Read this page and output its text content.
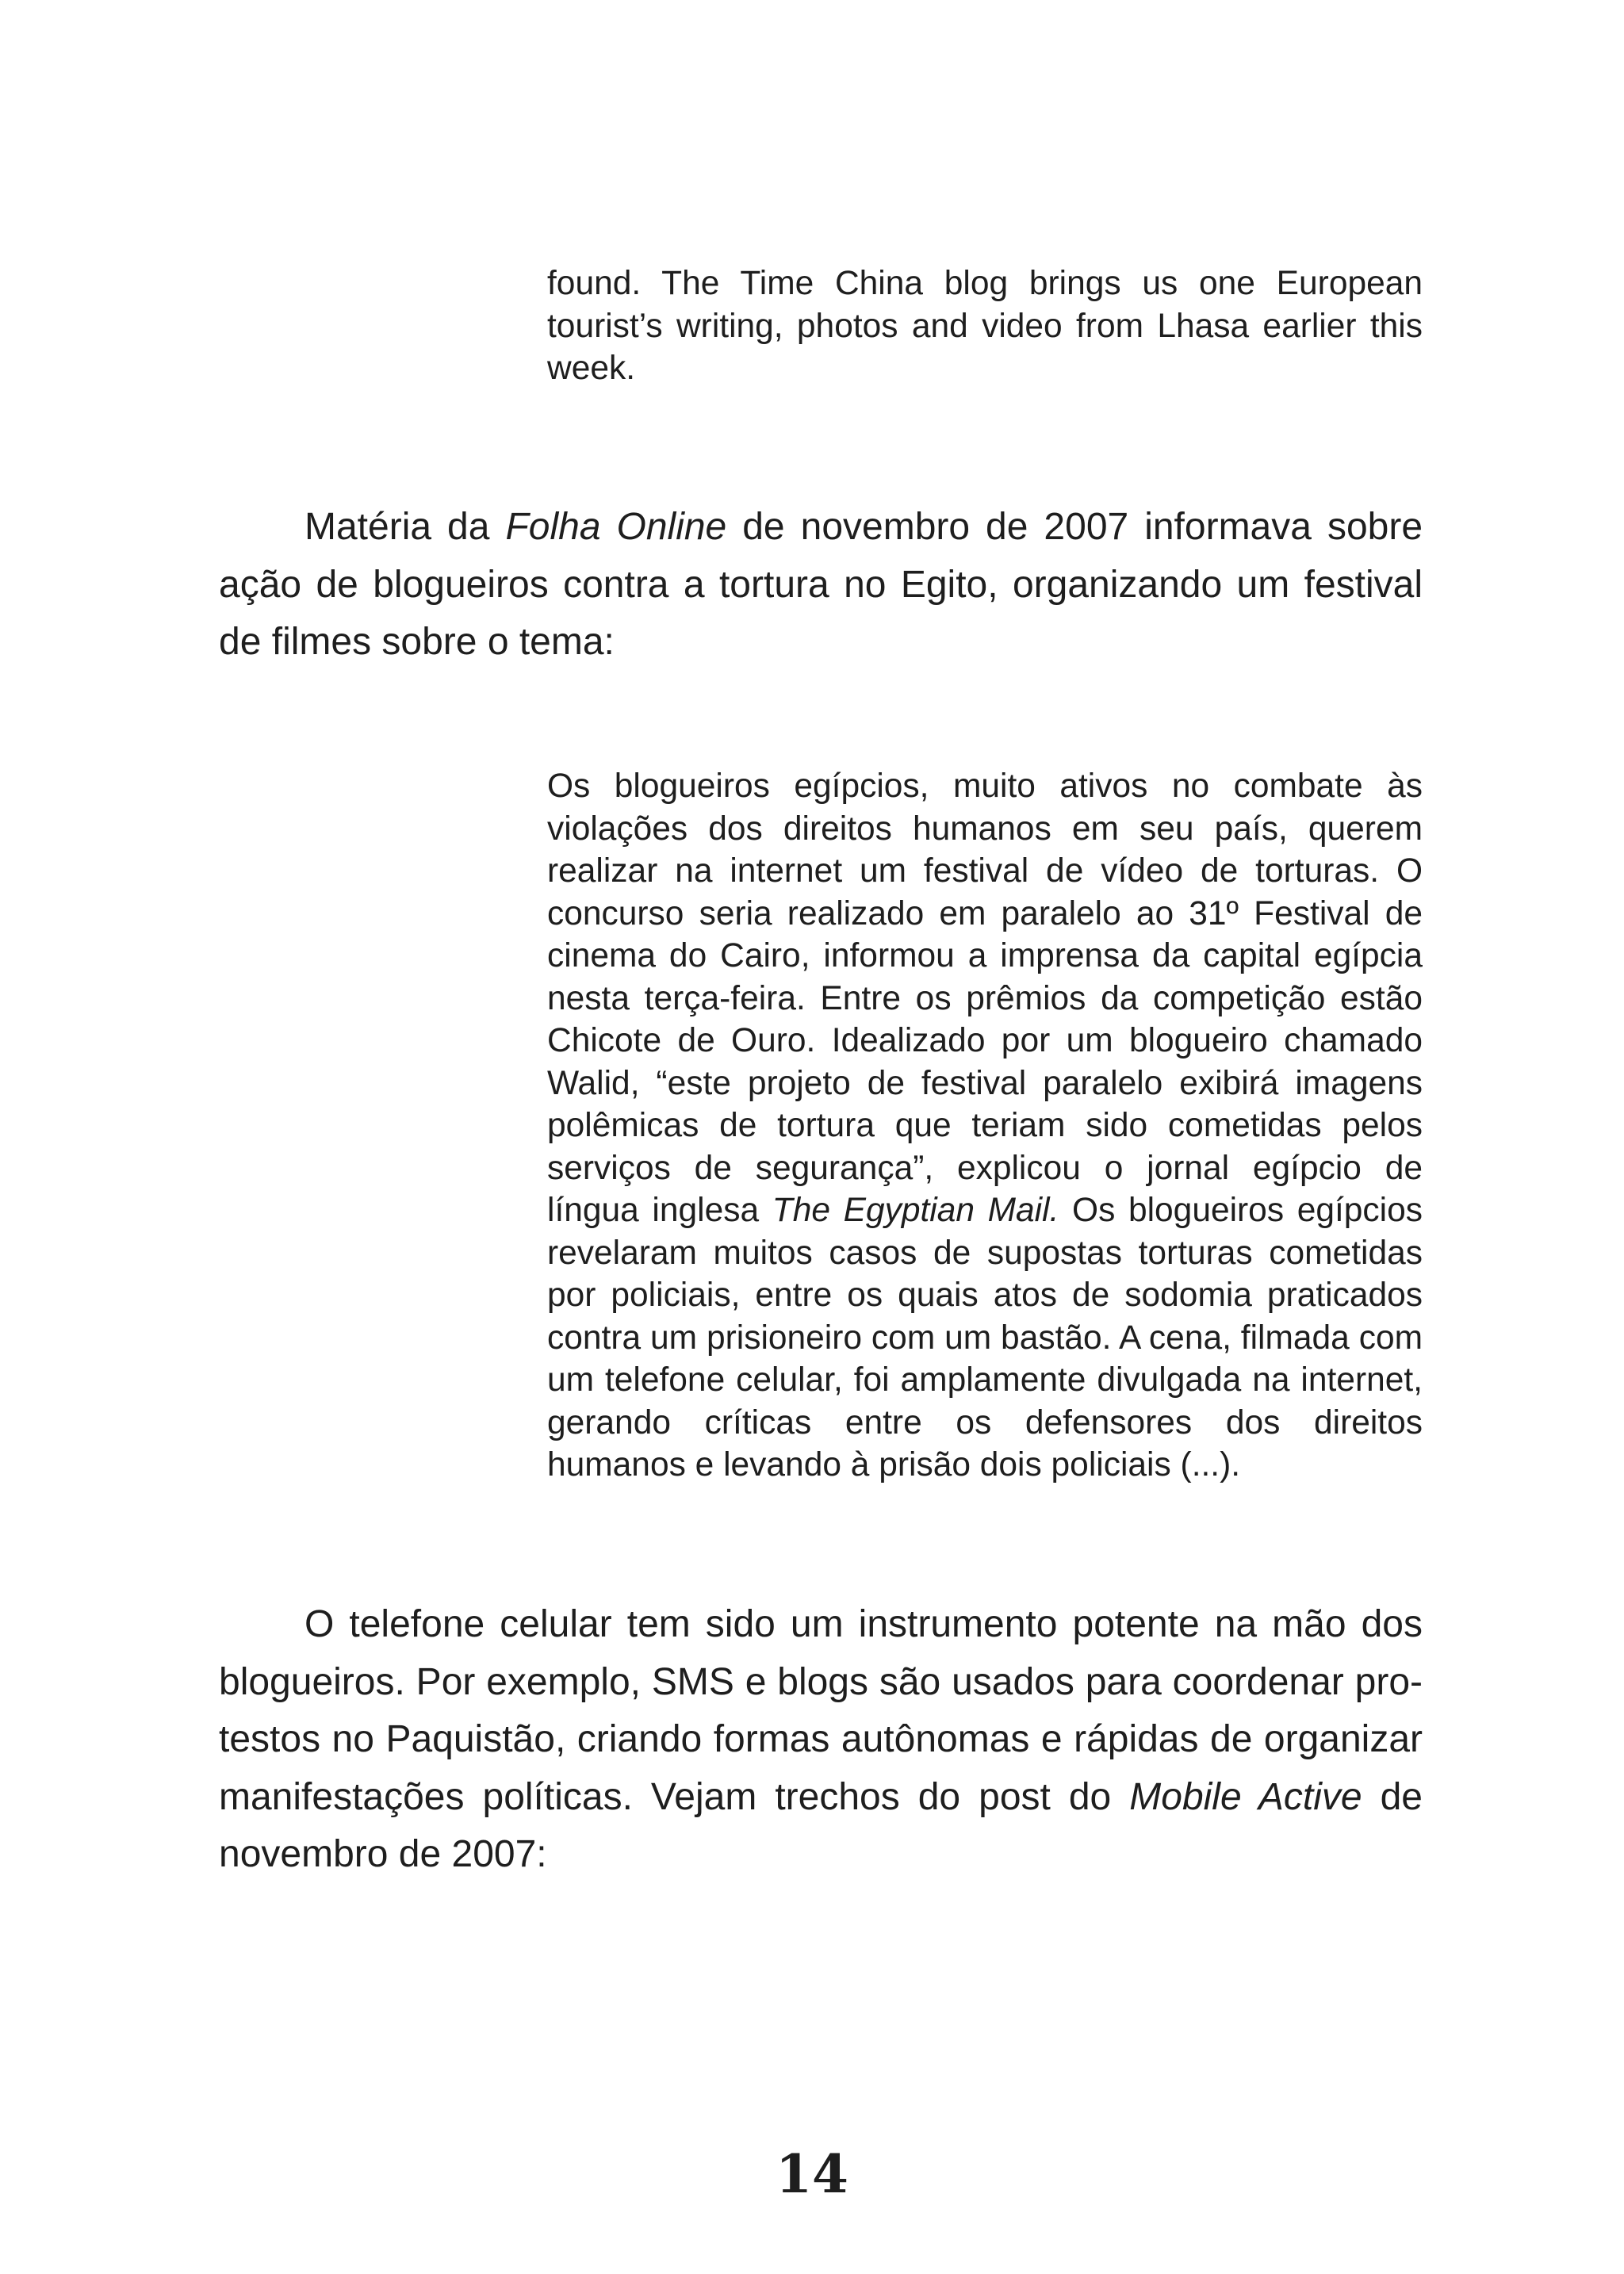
found. The Time China blog brings us one European tourist’s writing, photos and video from Lhasa earlier this week.

Matéria da Folha Online de novembro de 2007 informava sobre ação de blogueiros contra a tortura no Egito, organizando um festival de filmes sobre o tema:

Os blogueiros egípcios, muito ativos no combate às violações dos direitos humanos em seu país, querem realizar na internet um festival de vídeo de torturas. O concurso seria realizado em paralelo ao 31º Festival de cinema do Cairo, informou a imprensa da capital egípcia nesta terça-feira. Entre os prêmios da competição estão Chicote de Ouro. Idealizado por um blogueiro chamado Walid, “este projeto de festival paralelo exibirá imagens polêmicas de tortura que teriam sido cometidas pelos serviços de segurança”, explicou o jornal egípcio de língua inglesa The Egyptian Mail. Os blogueiros egípcios revelaram muitos casos de supostas torturas cometidas por policiais, entre os quais atos de sodomia praticados contra um prisioneiro com um bastão. A cena, filmada com um telefone celular, foi amplamente divulgada na internet, gerando críticas entre os defensores dos direitos humanos e levando à prisão dois policiais (...).

O telefone celular tem sido um instrumento potente na mão dos blogueiros. Por exemplo, SMS e blogs são usados para coordenar protestos no Paquistão, criando formas autônomas e rápidas de organizar manifestações políticas. Vejam trechos do post do Mobile Active de novembro de 2007:

14
